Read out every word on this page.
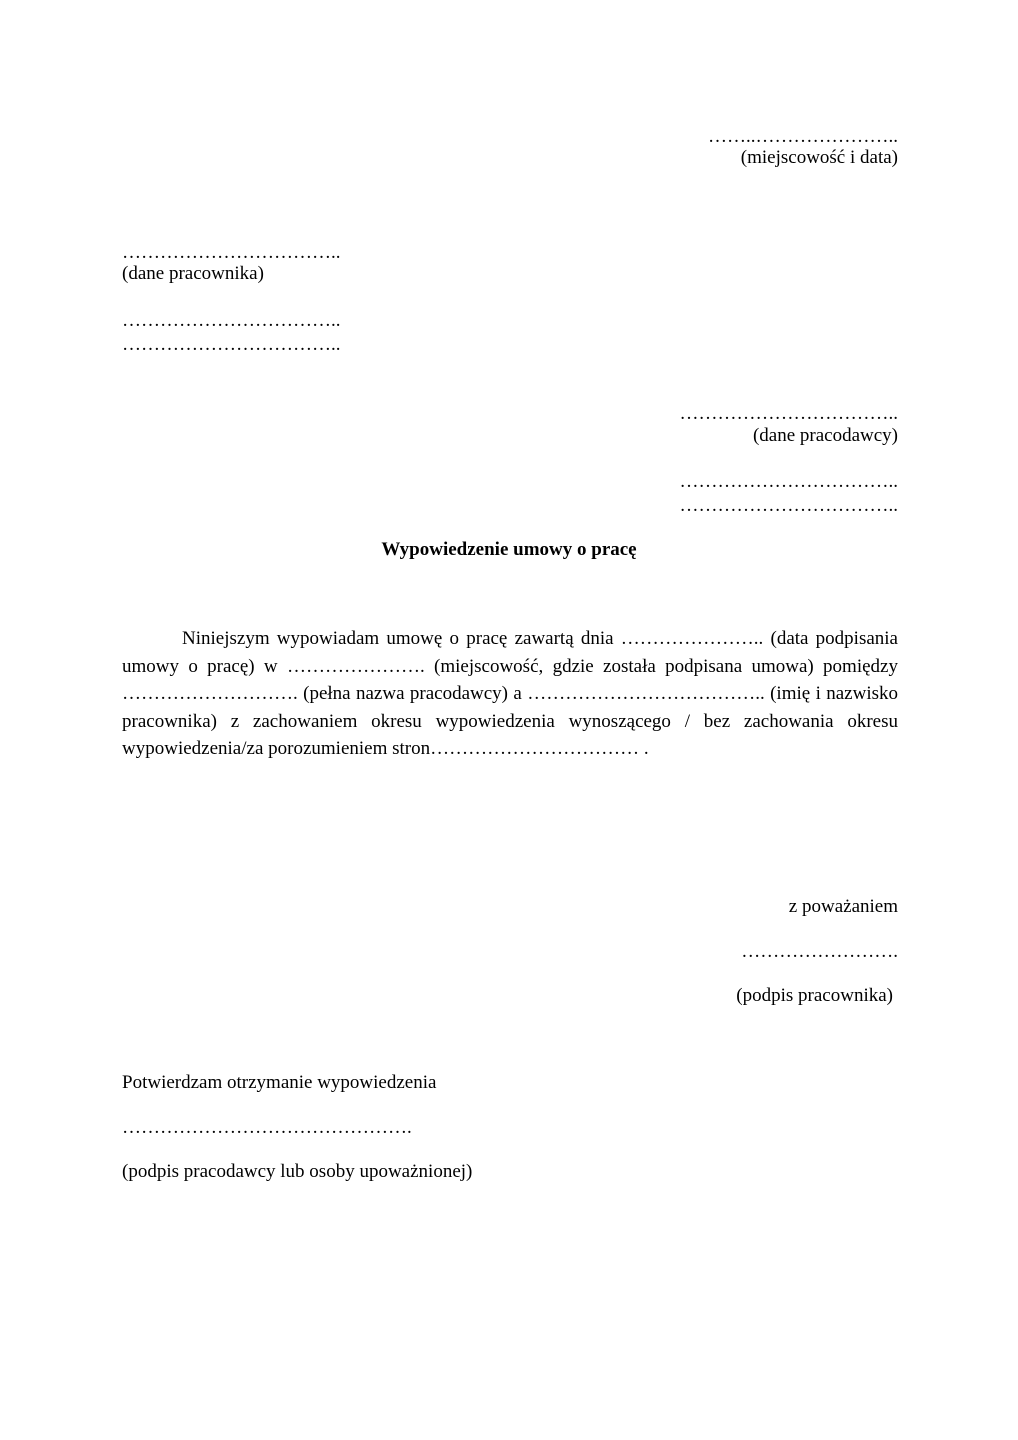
……..…………………..
(miejscowość i data)
……………………………..
(dane pracownika)
……………………………..
……………………………..
……………………………..
(dane pracodawcy)
……………………………..
……………………………..
Wypowiedzenie umowy o pracę

Niniejszym wypowiadam umowę o pracę zawartą dnia ………………….. (data podpisania umowy o pracę) w …………………. (miejscowość, gdzie została podpisana umowa) pomiędzy ………………………. (pełna nazwa pracodawcy) a ……………………………….. (imię i nazwisko pracownika) z zachowaniem okresu wypowiedzenia wynoszącego / bez zachowania okresu wypowiedzenia/za porozumieniem stron…………………………… .

z poważaniem
…………………….
(podpis pracownika)
Potwierdzam otrzymanie wypowiedzenia
……………………………………….
(podpis pracodawcy lub osoby upoważnionej)
